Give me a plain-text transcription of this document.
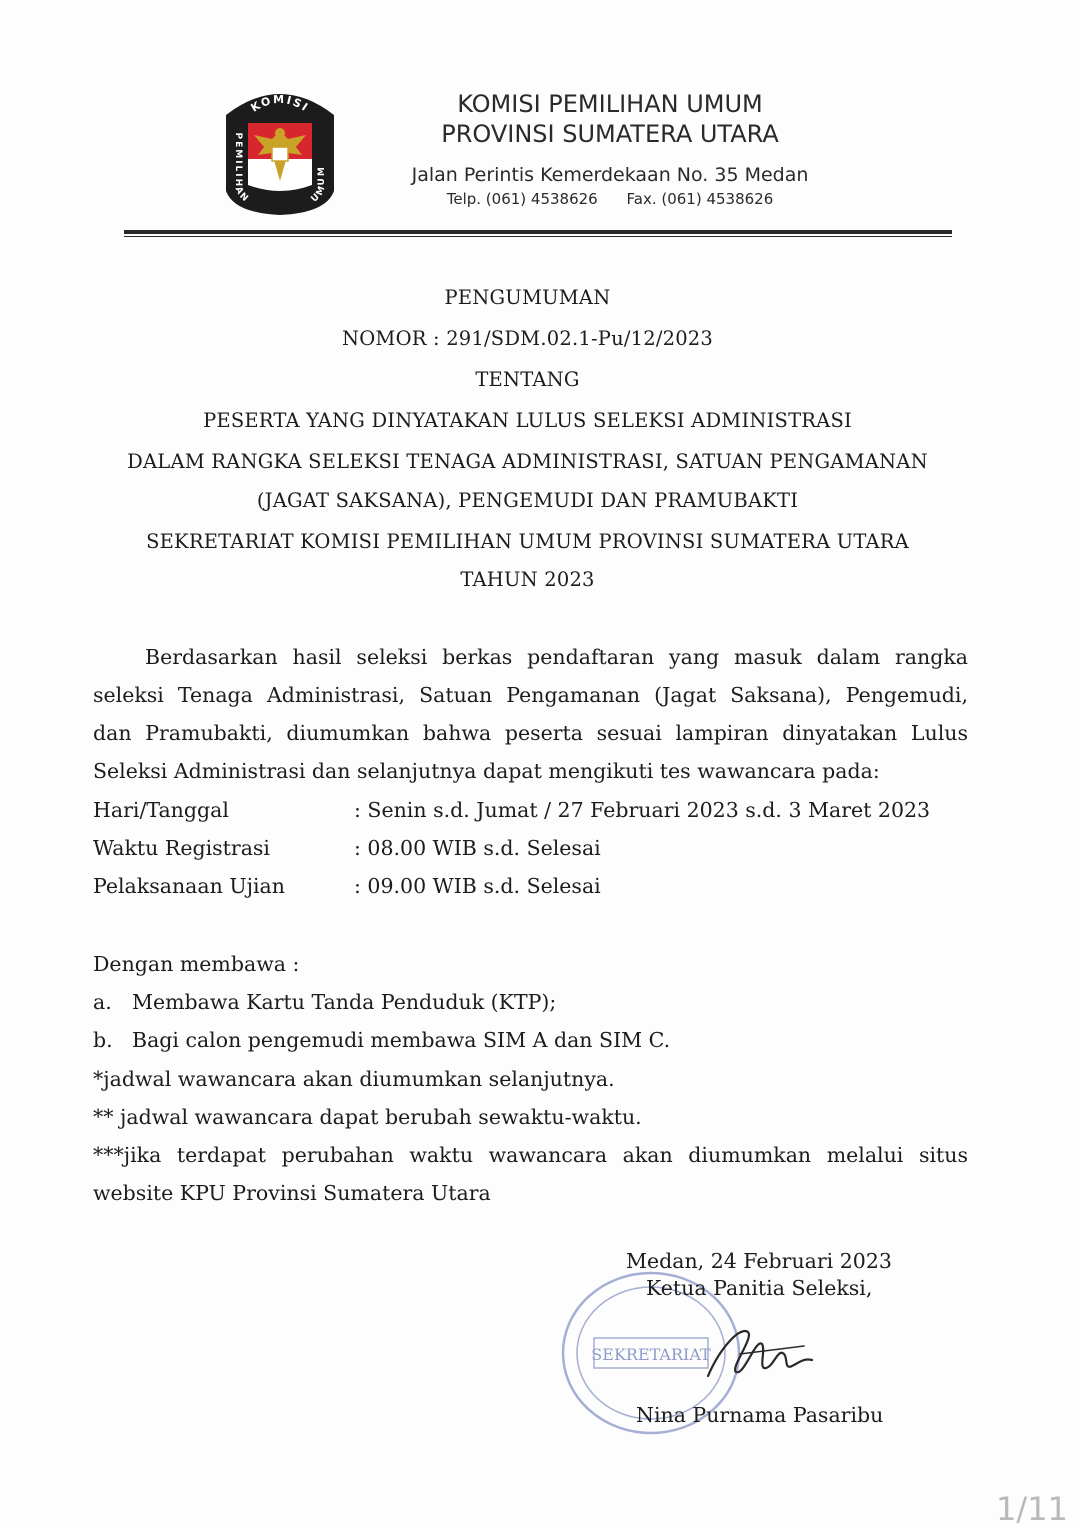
KOMISI
PEMILIHAN	UMUM
KOMISI PEMILIHAN UMUM
PROVINSI SUMATERA UTARA
Jalan Perintis Kemerdekaan No. 35 Medan
Telp. (061) 4538626 Fax. (061) 4538626
PENGUMUMAN
NOMOR : 291/SDM.02.1-Pu/12/2023
TENTANG
PESERTA YANG DINYATAKAN LULUS SELEKSI ADMINISTRASI
DALAM RANGKA SELEKSI TENAGA ADMINISTRASI, SATUAN PENGAMANAN
(JAGAT SAKSANA), PENGEMUDI DAN PRAMUBAKTI
SEKRETARIAT KOMISI PEMILIHAN UMUM PROVINSI SUMATERA UTARA
TAHUN 2023
Berdasarkan hasil seleksi berkas pendaftaran yang masuk dalam rangka
seleksi Tenaga Administrasi, Satuan Pengamanan (Jagat Saksana), Pengemudi,
dan Pramubakti, diumumkan bahwa peserta sesuai lampiran dinyatakan Lulus
Seleksi Administrasi dan selanjutnya dapat mengikuti tes wawancara pada:
Hari/Tanggal	: Senin s.d. Jumat / 27 Februari 2023 s.d. 3 Maret 2023
Waktu Registrasi	: 08.00 WIB s.d. Selesai
Pelaksanaan Ujian	: 09.00 WIB s.d. Selesai
Dengan membawa :
a. Membawa Kartu Tanda Penduduk (KTP);
b. Bagi calon pengemudi membawa SIM A dan SIM C.
*jadwal wawancara akan diumumkan selanjutnya.
** jadwal wawancara dapat berubah sewaktu-waktu.
***jika terdapat perubahan waktu wawancara akan diumumkan melalui situs
website KPU Provinsi Sumatera Utara
SEKRETARIAT
Medan, 24 Februari 2023
Ketua Panitia Seleksi,
Nina Purnama Pasaribu
1/11
